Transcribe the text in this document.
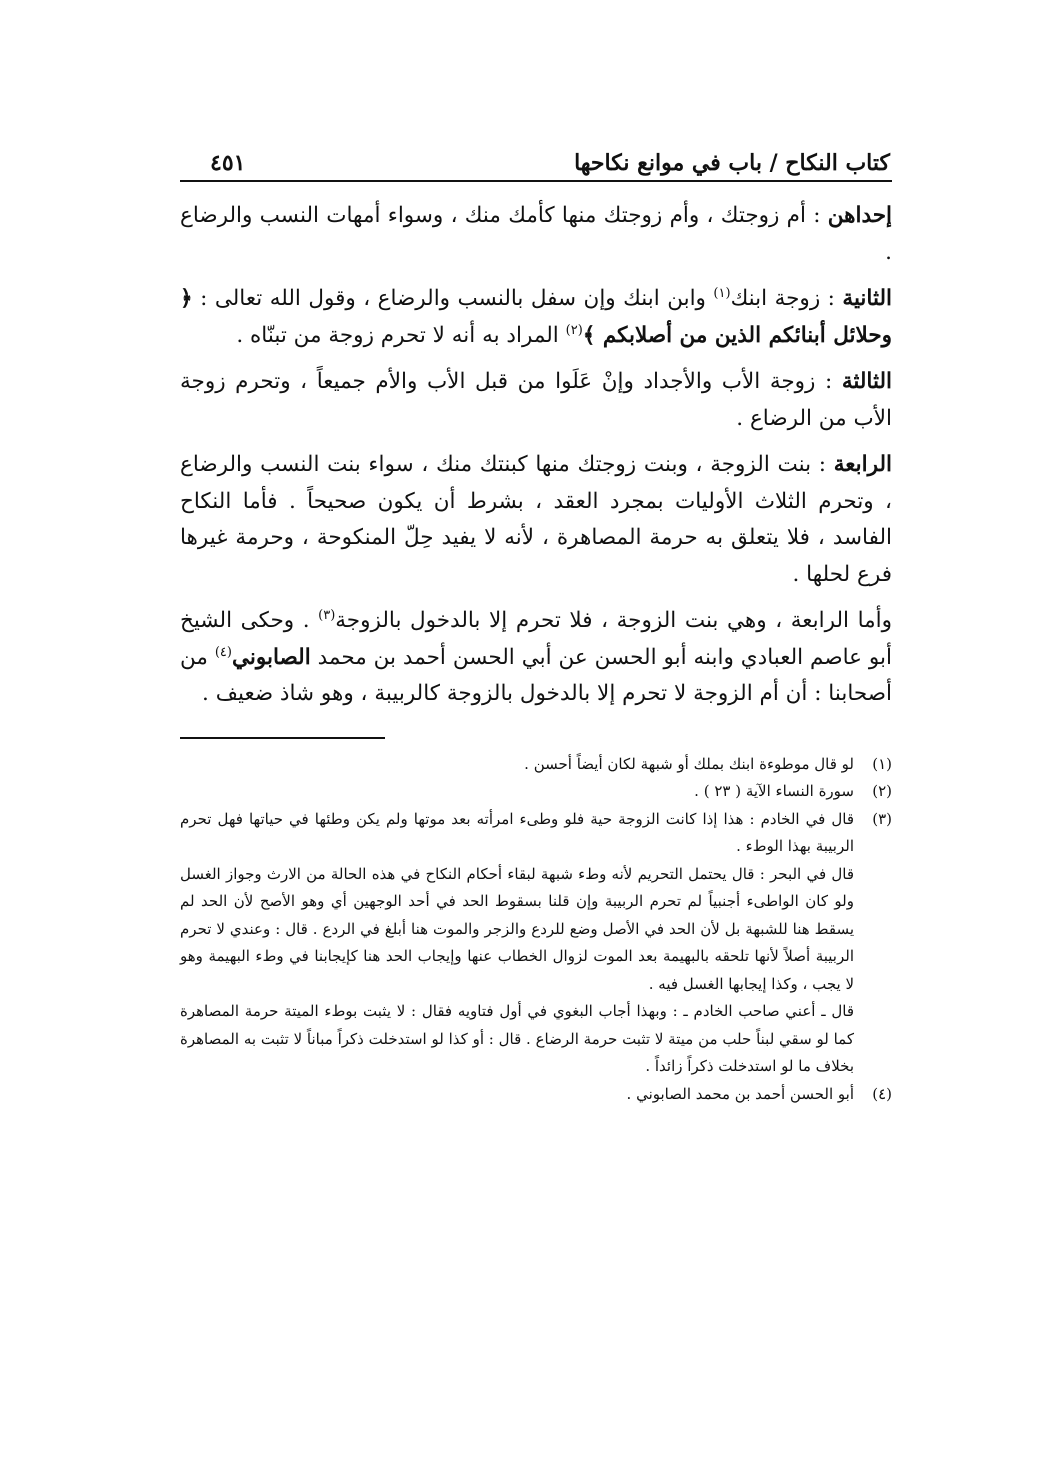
كتاب النكاح / باب في موانع نكاحها
٤٥١

إحداهن : أم زوجتك ، وأم زوجتك منها كأمك منك ، وسواء أمهات النسب والرضاع .

الثانية : زوجة ابنك$^{(١)}$ وابن ابنك وإن سفل بالنسب والرضاع ، وقول الله تعالى : ﴿ وحلائل أبنائكم الذين من أصلابكم ﴾$^{(٢)}$ المراد به أنه لا تحرم زوجة من تبنّاه .

الثالثة : زوجة الأب والأجداد وإنْ عَلَوا من قبل الأب والأم جميعاً ، وتحرم زوجة الأب من الرضاع .

الرابعة : بنت الزوجة ، وبنت زوجتك منها كبنتك منك ، سواء بنت النسب والرضاع ، وتحرم الثلاث الأوليات بمجرد العقد ، بشرط أن يكون صحيحاً . فأما النكاح الفاسد ، فلا يتعلق به حرمة المصاهرة ، لأنه لا يفيد حِلّ المنكوحة ، وحرمة غيرها فرع لحلها .

وأما الرابعة ، وهي بنت الزوجة ، فلا تحرم إلا بالدخول بالزوجة$^{(٣)}$ . وحكى الشيخ أبو عاصم العبادي وابنه أبو الحسن عن أبي الحسن أحمد بن محمد الصابوني$^{(٤)}$ من أصحابنا : أن أم الزوجة لا تحرم إلا بالدخول بالزوجة كالربيبة ، وهو شاذ ضعيف .

(١)

لو قال موطوءة ابنك بملك أو شبهة لكان أيضاً أحسن .

(٢)

سورة النساء الآية ( ٢٣ ) .

(٣)

قال في الخادم : هذا إذا كانت الزوجة حية فلو وطىء امرأته بعد موتها ولم يكن وطئها في حياتها فهل تحرم الربيبة بهذا الوطء .

قال في البحر : قال يحتمل التحريم لأنه وطء شبهة لبقاء أحكام النكاح في هذه الحالة من الارث وجواز الغسل ولو كان الواطىء أجنبياً لم تحرم الربيبة وإن قلنا بسقوط الحد في أحد الوجهين أي وهو الأصح لأن الحد لم يسقط هنا للشبهة بل لأن الحد في الأصل وضع للردع والزجر والموت هنا أبلغ في الردع . قال : وعندي لا تحرم الربيبة أصلاً لأنها تلحقه بالبهيمة بعد الموت لزوال الخطاب عنها وإيجاب الحد هنا كإيجابنا في وطء البهيمة وهو لا يجب ، وكذا إيجابها الغسل فيه .

قال ـ أعني صاحب الخادم ـ : وبهذا أجاب البغوي في أول فتاويه فقال : لا يثبت بوطء الميتة حرمة المصاهرة كما لو سقي لبناً حلب من ميتة لا تثبت حرمة الرضاع . قال : أو كذا لو استدخلت ذكراً مباناً لا تثبت به المصاهرة بخلاف ما لو استدخلت ذكراً زائداً .

(٤)

أبو الحسن أحمد بن محمد الصابوني .
